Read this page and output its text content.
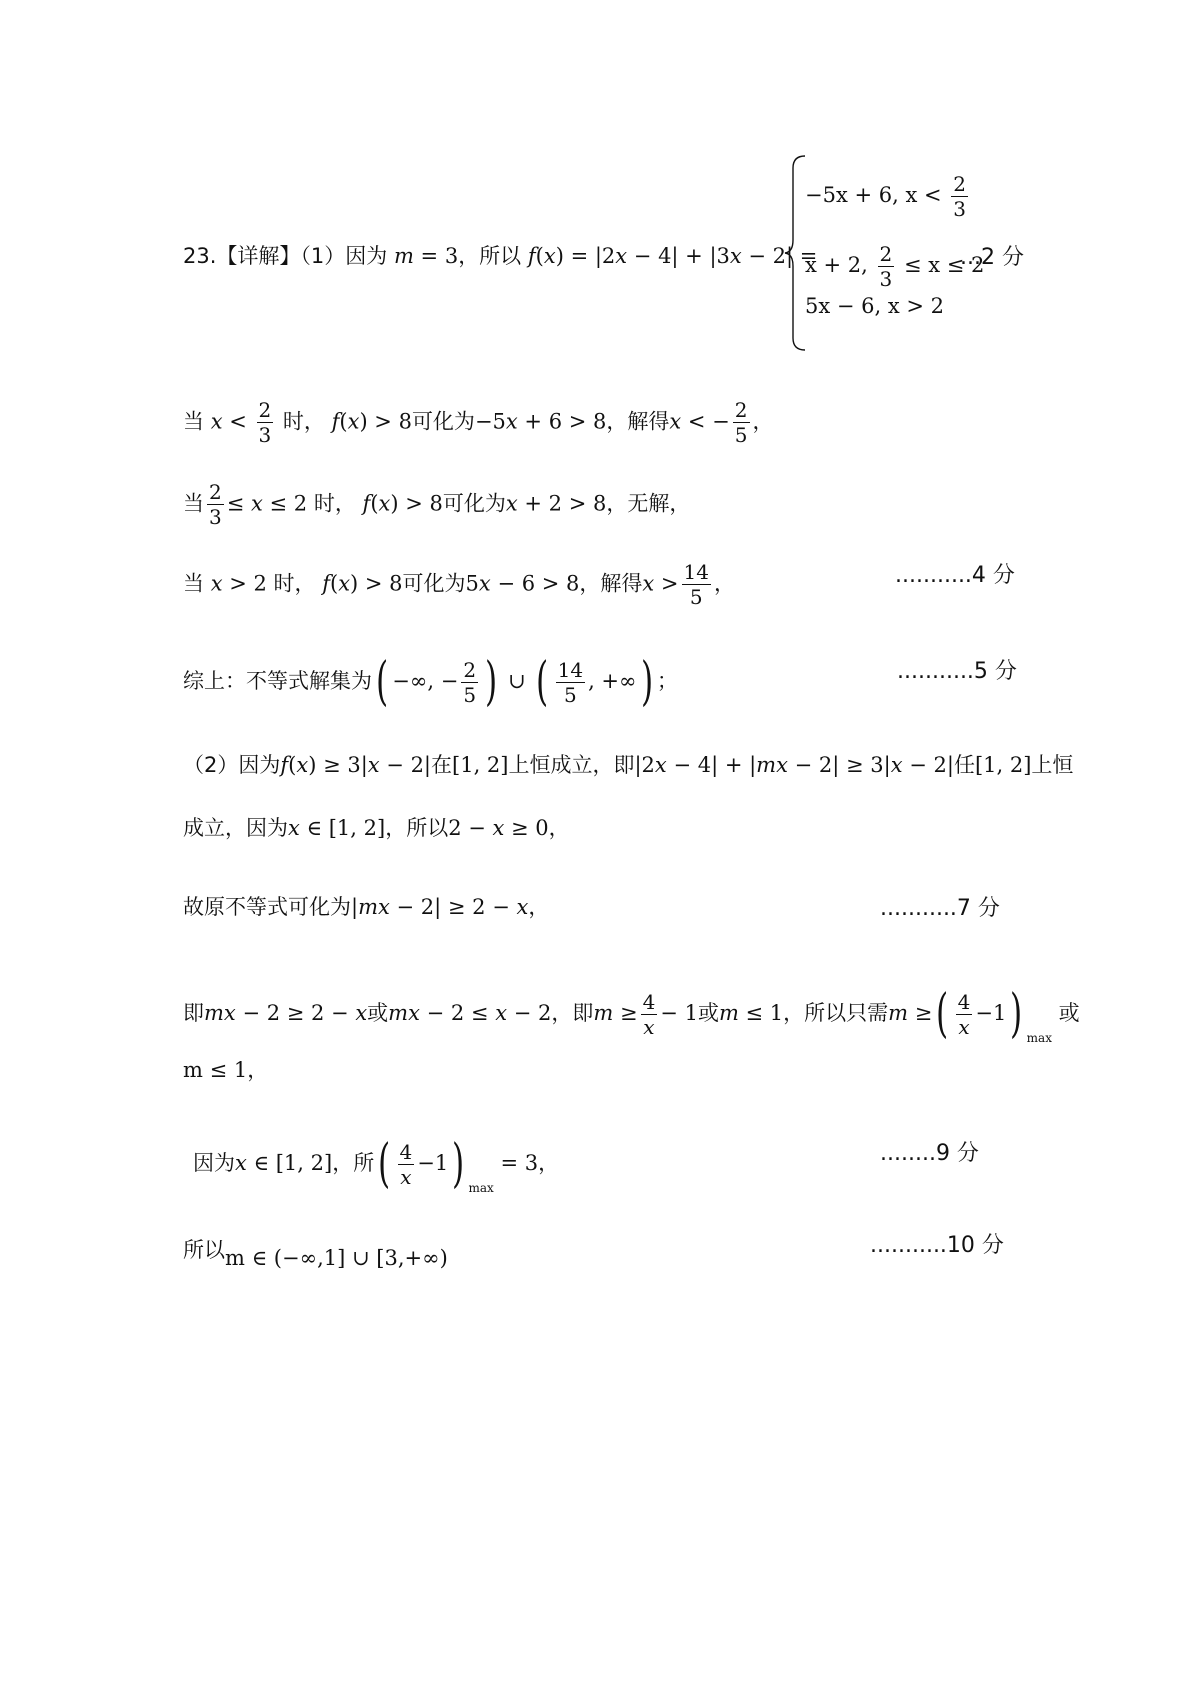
23.【详解】（1）因为 m = 3，所以 f(x) = |2x − 4| + |3x − 2| =
−5x + 6, $x < \frac{2}{3}$
x + 2, $\frac{2}{3} \le x \le 2$
5x − 6, x > 2
...2 分
当 $x < \frac{2}{3}$ 时， f(x) > 8可化为−5x + 6 > 8，解得x < − $\frac{2}{5}$ ，
当 $\frac{2}{3} \le x \le 2$ 时， f(x) > 8可化为x + 2 > 8，无解，
当 x > 2 时， f(x) > 8可化为5x − 6 > 8，解得$x > \frac{14}{5}$ ，	...........4 分
综上：不等式解集为( −∞, − $\frac{2}{5}$ ) ∪ ( $\frac{14}{5}$ , +∞) ；	...........5 分
（2）因为f(x) ≥ 3|x − 2|在[1, 2]上恒成立，即|2x − 4| + |mx − 2| ≥ 3|x − 2|任[1, 2]上恒
成立，因为x ∈ [1, 2]，所以2 − x ≥ 0，
故原不等式可化为|mx − 2| ≥ 2 − x，	...........7 分
即mx − 2 ≥ 2 − x或mx − 2 ≤ x − 2，即$m \ge \frac{4}{x} - 1$或m ≤ 1，所以只需m ≥( $\frac{4}{x} -1$) $_{max}$ 或
m ≤ 1，
因为x ∈ [1, 2]，所( $\frac{4}{x} -1$) $_{max}$ = 3，	........9 分
所以m ∈ (−∞,1] ∪ [3,+∞)	...........10 分
